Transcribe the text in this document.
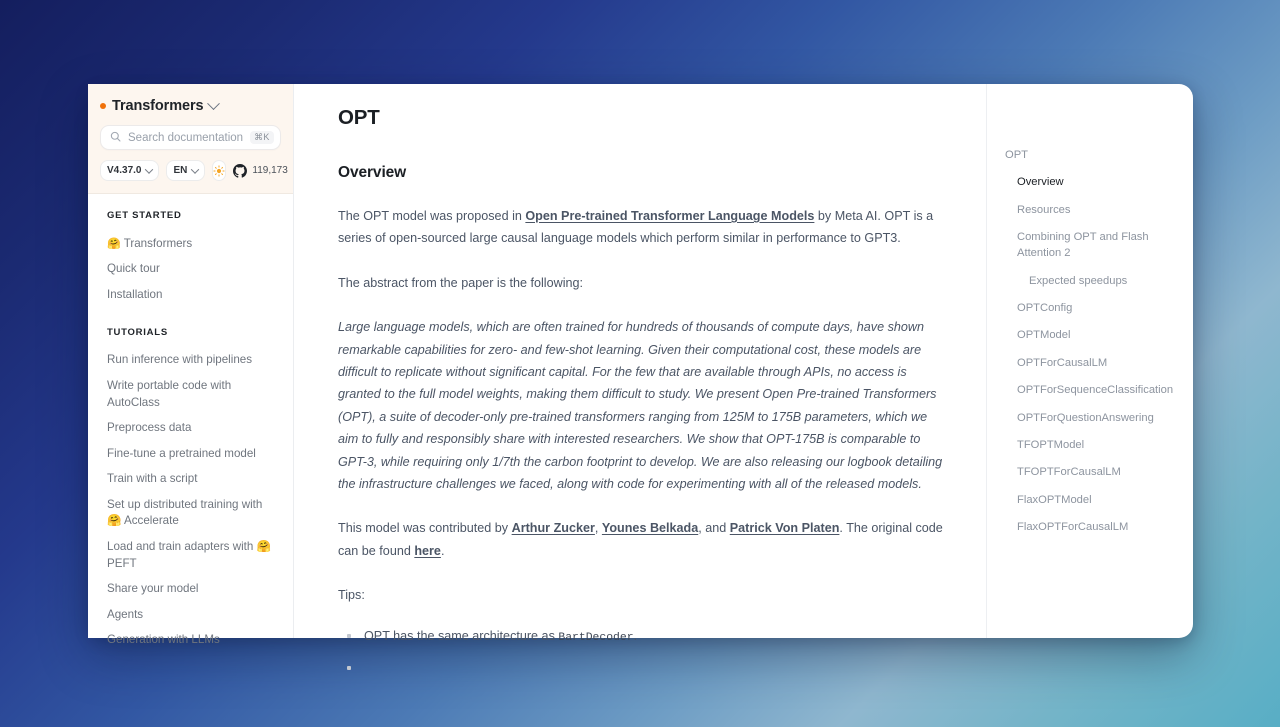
Transformers
Search documentation	⌘K
V4.37.0	EN	119,173
GET STARTED
🤗 Transformers
Quick tour
Installation
TUTORIALS
Run inference with pipelines
Write portable code with AutoClass
Preprocess data
Fine-tune a pretrained model
Train with a script
Set up distributed training with 🤗 Accelerate
Load and train adapters with 🤗 PEFT
Share your model
Agents
Generation with LLMs
OPT
Overview

The OPT model was proposed in Open Pre-trained Transformer Language Models by Meta AI. OPT is a series of open-sourced large causal language models which perform similar in performance to GPT3.

The abstract from the paper is the following:

Large language models, which are often trained for hundreds of thousands of compute days, have shown remarkable capabilities for zero- and few-shot learning. Given their computational cost, these models are difficult to replicate without significant capital. For the few that are available through APIs, no access is granted to the full model weights, making them difficult to study. We present Open Pre-trained Transformers (OPT), a suite of decoder-only pre-trained transformers ranging from 125M to 175B parameters, which we aim to fully and responsibly share with interested researchers. We show that OPT-175B is comparable to GPT-3, while requiring only 1/7th the carbon footprint to develop. We are also releasing our logbook detailing the infrastructure challenges we faced, along with code for experimenting with all of the released models.

This model was contributed by Arthur Zucker, Younes Belkada, and Patrick Von Platen. The original code can be found here.

Tips:

OPT has the same architecture as BartDecoder.
OPT
Overview
Resources
Combining OPT and Flash Attention 2
Expected speedups
OPTConfig
OPTModel
OPTForCausalLM
OPTForSequenceClassification
OPTForQuestionAnswering
TFOPTModel
TFOPTForCausalLM
FlaxOPTModel
FlaxOPTForCausalLM
